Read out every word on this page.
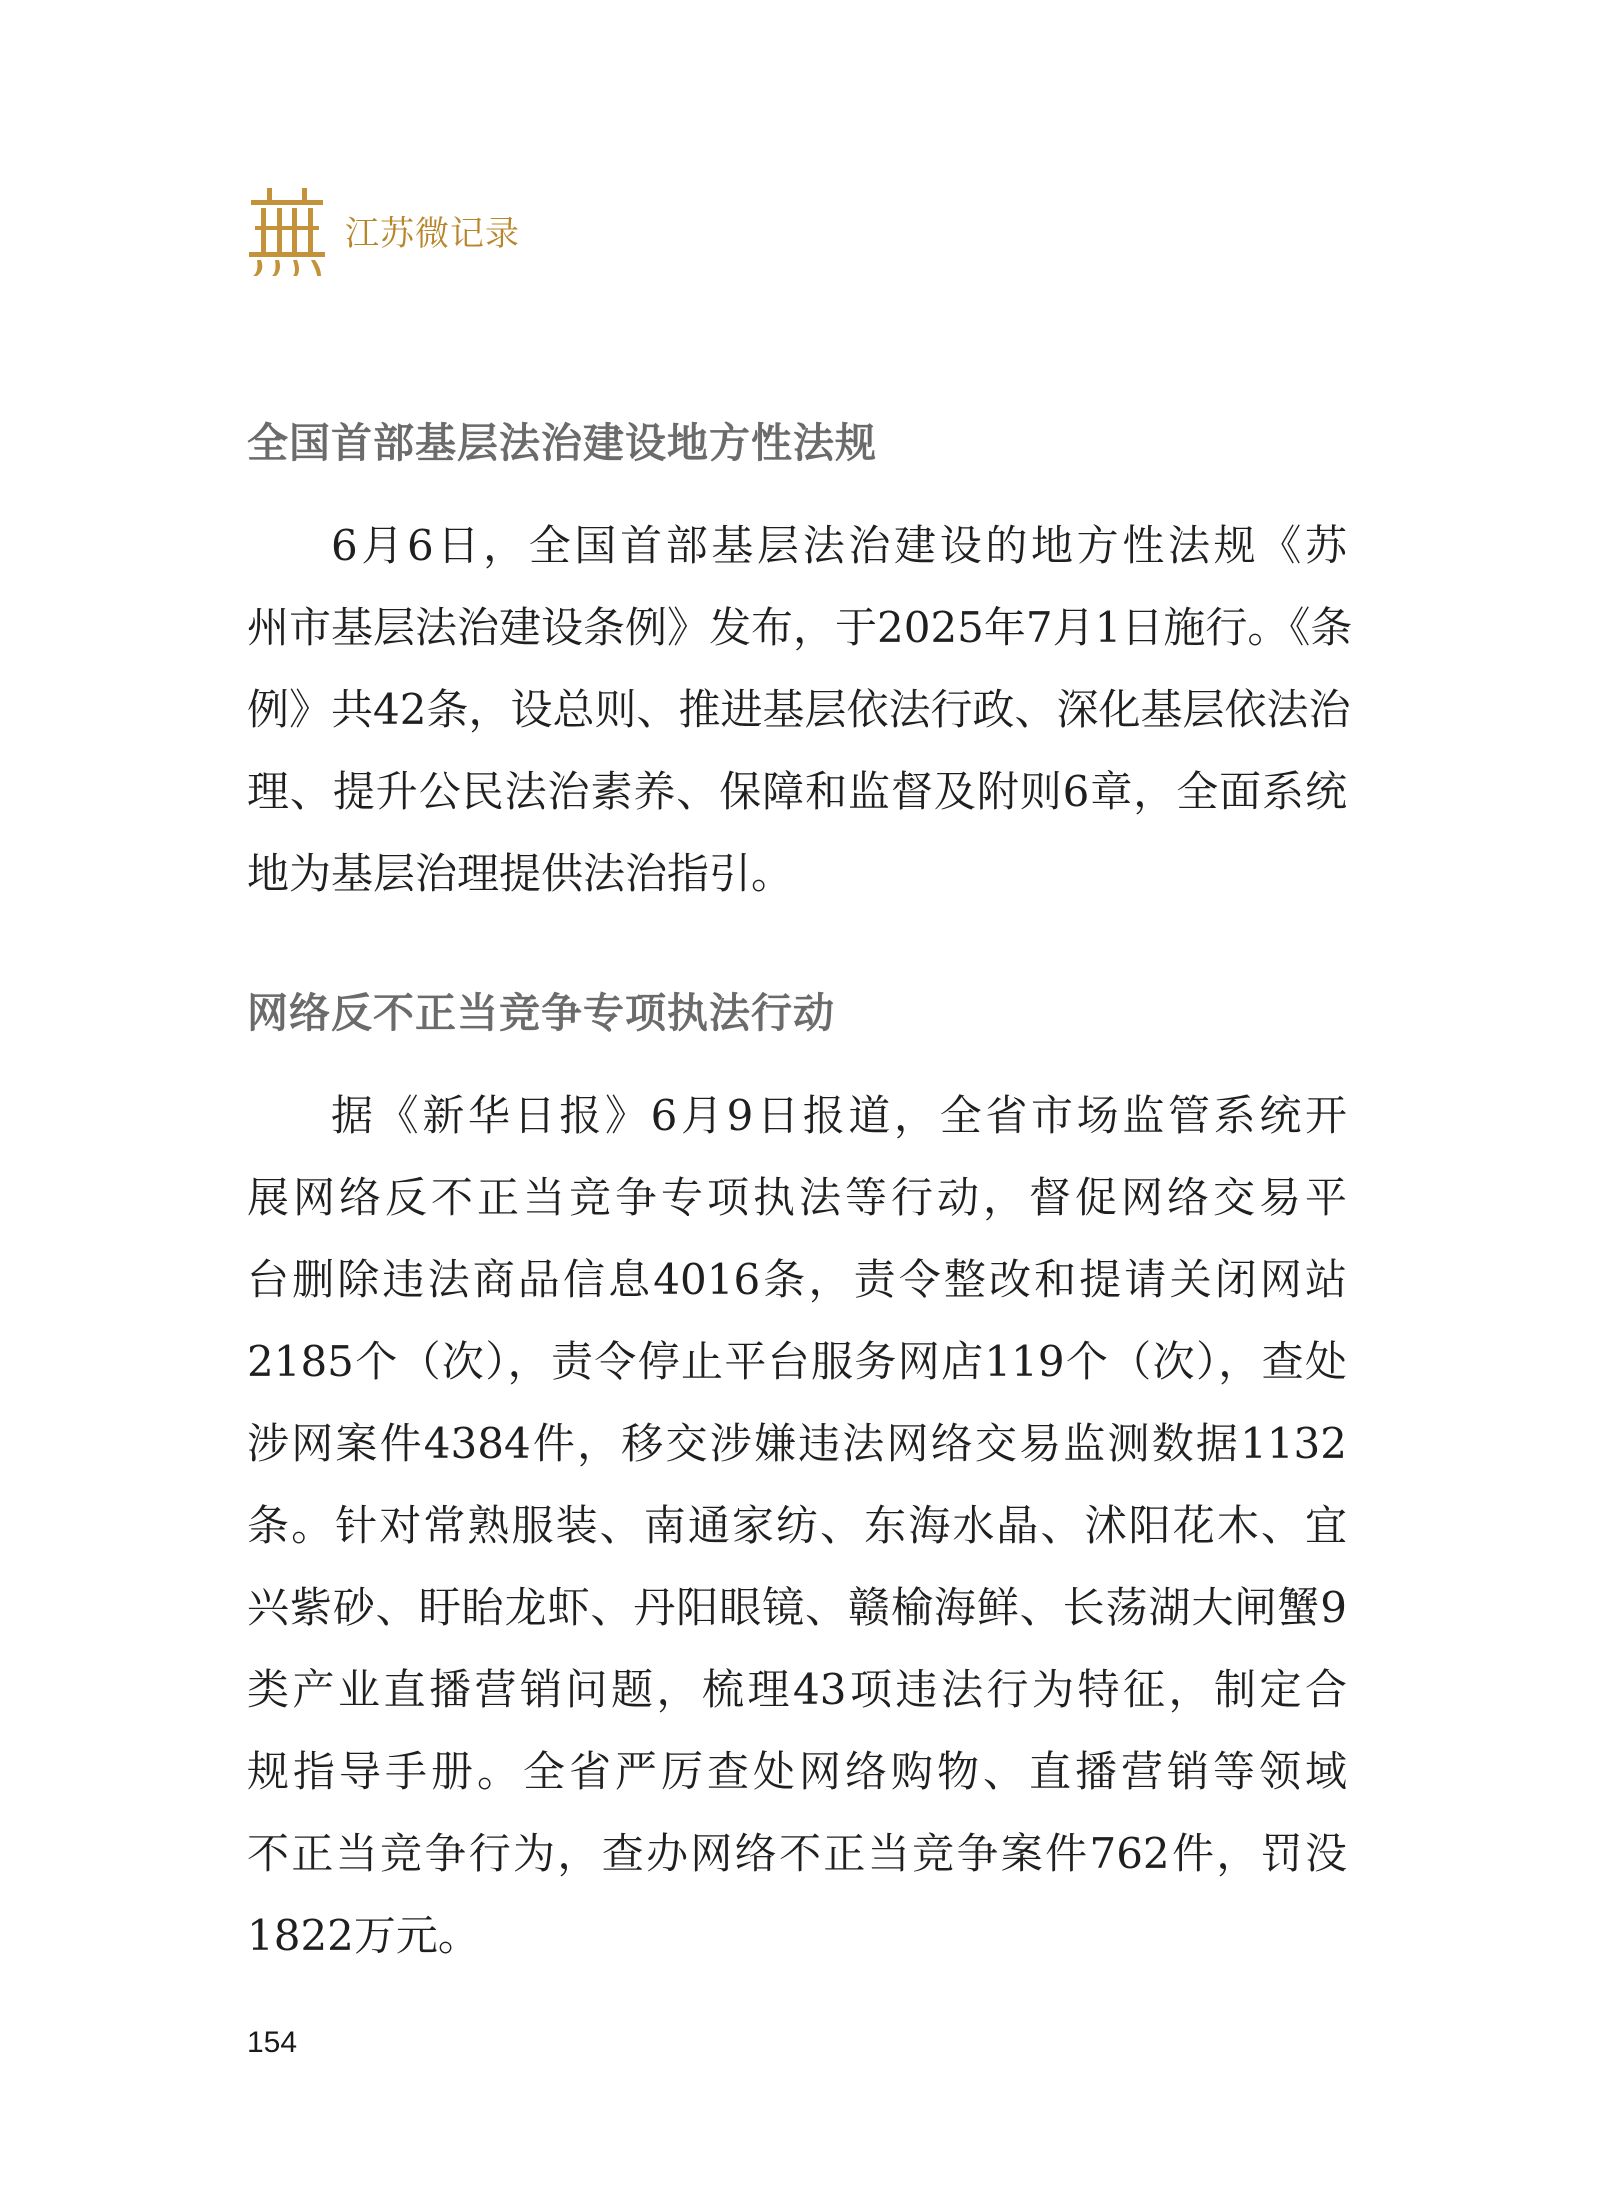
江苏微记录
全国首部基层法治建设地方性法规
6月6日，全国首部基层法治建设的地方性法规《苏
州市基层法治建设条例》发布，于2025年7月1日施行。《条
例》共42条，设总则、推进基层依法行政、深化基层依法治
理、提升公民法治素养、保障和监督及附则6章，全面系统
地为基层治理提供法治指引。
网络反不正当竞争专项执法行动
据《新华日报》6月9日报道，全省市场监管系统开
展网络反不正当竞争专项执法等行动，督促网络交易平
台删除违法商品信息4016条，责令整改和提请关闭网站
2185个（次），责令停止平台服务网店119个（次），查处
涉网案件4384件，移交涉嫌违法网络交易监测数据1132
条。针对常熟服装、南通家纺、东海水晶、沭阳花木、宜
兴紫砂、盱眙龙虾、丹阳眼镜、赣榆海鲜、长荡湖大闸蟹9
类产业直播营销问题，梳理43项违法行为特征，制定合
规指导手册。全省严厉查处网络购物、直播营销等领域
不正当竞争行为，查办网络不正当竞争案件762件，罚没
1822万元。
154
